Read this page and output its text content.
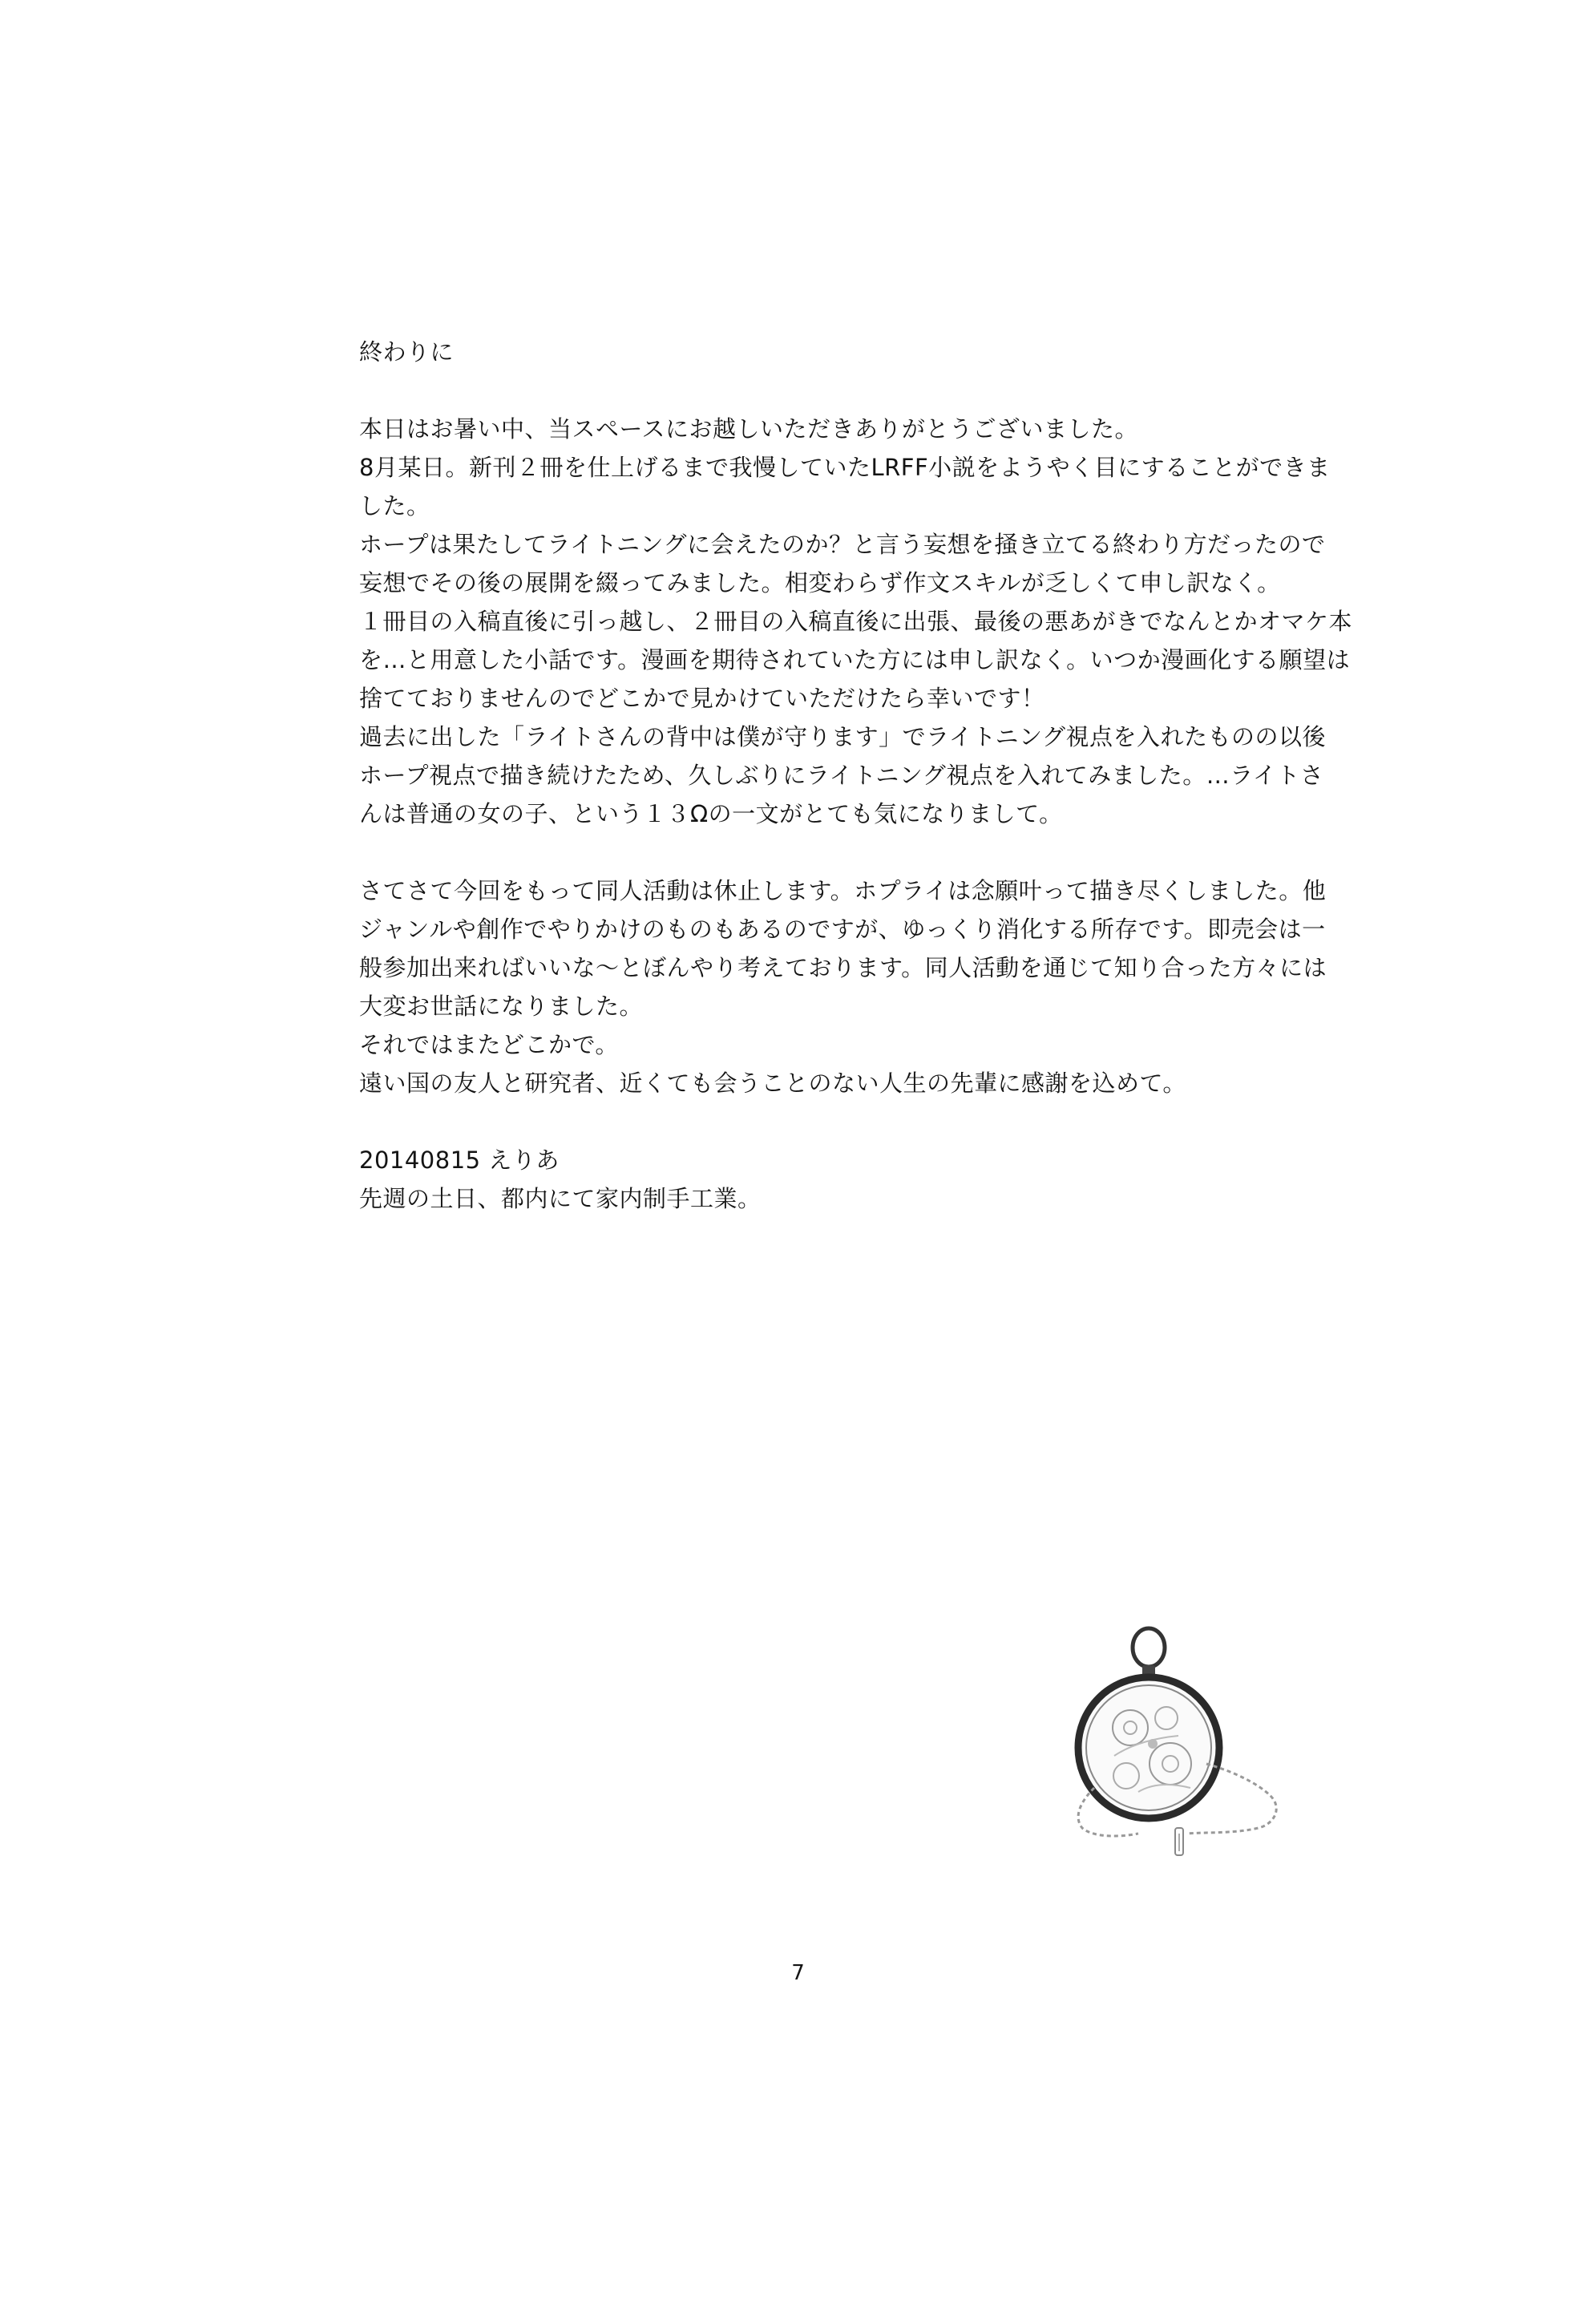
終わりに
本日はお暑い中、当スペースにお越しいただきありがとうございました。
8月某日。新刊２冊を仕上げるまで我慢していたLRFF小説をようやく目にすることができま
した。
ホープは果たしてライトニングに会えたのか？と言う妄想を掻き立てる終わり方だったので
妄想でその後の展開を綴ってみました。相変わらず作文スキルが乏しくて申し訳なく。
１冊目の入稿直後に引っ越し、２冊目の入稿直後に出張、最後の悪あがきでなんとかオマケ本
を…と用意した小話です。漫画を期待されていた方には申し訳なく。いつか漫画化する願望は
捨てておりませんのでどこかで見かけていただけたら幸いです！
過去に出した「ライトさんの背中は僕が守ります」でライトニング視点を入れたものの以後
ホープ視点で描き続けたため、久しぶりにライトニング視点を入れてみました。…ライトさ
んは普通の女の子、という１３Ωの一文がとても気になりまして。
さてさて今回をもって同人活動は休止します。ホプライは念願叶って描き尽くしました。他
ジャンルや創作でやりかけのものもあるのですが、ゆっくり消化する所存です。即売会は一
般参加出来ればいいな～とぼんやり考えております。同人活動を通じて知り合った方々には
大変お世話になりました。
それではまたどこかで。
遠い国の友人と研究者、近くても会うことのない人生の先輩に感謝を込めて。
20140815 えりあ
先週の土日、都内にて家内制手工業。
7
